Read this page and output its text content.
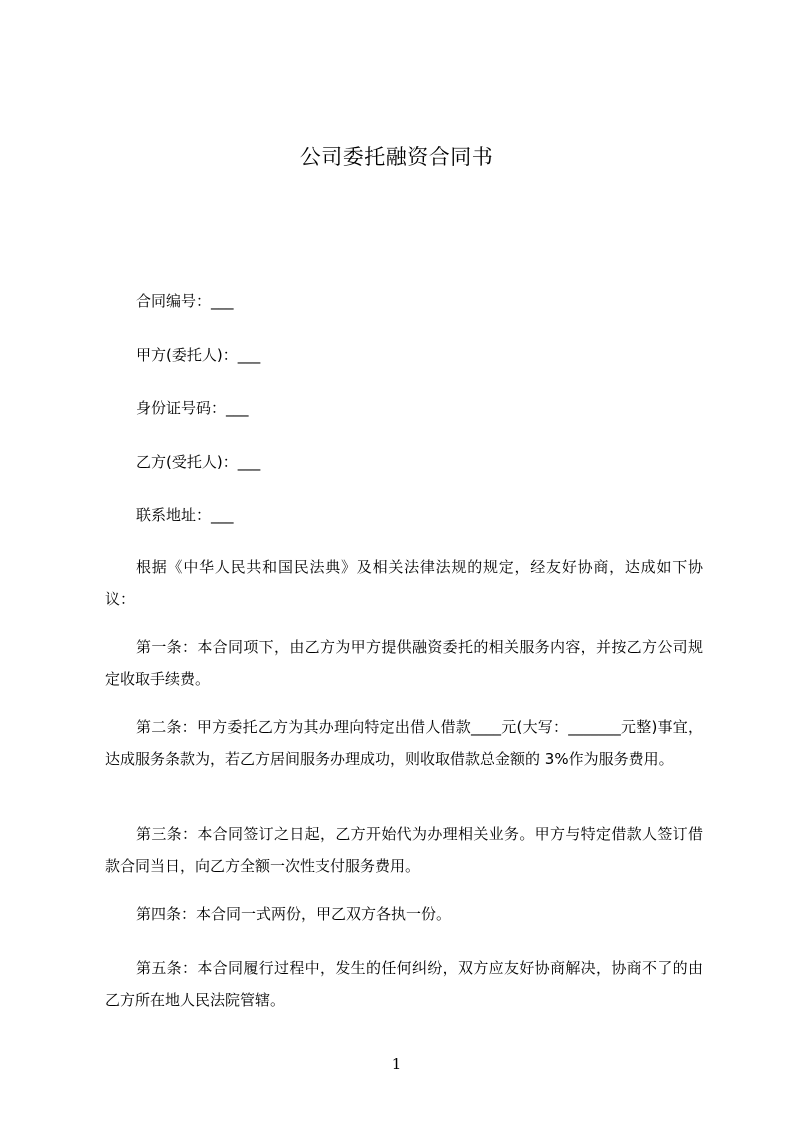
公司委托融资合同书
合同编号：___
甲方(委托人)：___
身份证号码：___
乙方(受托人)：___
联系地址：___
根据《中华人民共和国民法典》及相关法律法规的规定，经友好协商，达成如下协议：
第一条：本合同项下，由乙方为甲方提供融资委托的相关服务内容，并按乙方公司规定收取手续费。
第二条：甲方委托乙方为其办理向特定出借人借款____元(大写：_______元整)事宜，达成服务条款为，若乙方居间服务办理成功，则收取借款总金额的 3%作为服务费用。
第三条：本合同签订之日起，乙方开始代为办理相关业务。甲方与特定借款人签订借款合同当日，向乙方全额一次性支付服务费用。
第四条：本合同一式两份，甲乙双方各执一份。
第五条：本合同履行过程中，发生的任何纠纷，双方应友好协商解决，协商不了的由乙方所在地人民法院管辖。
1
